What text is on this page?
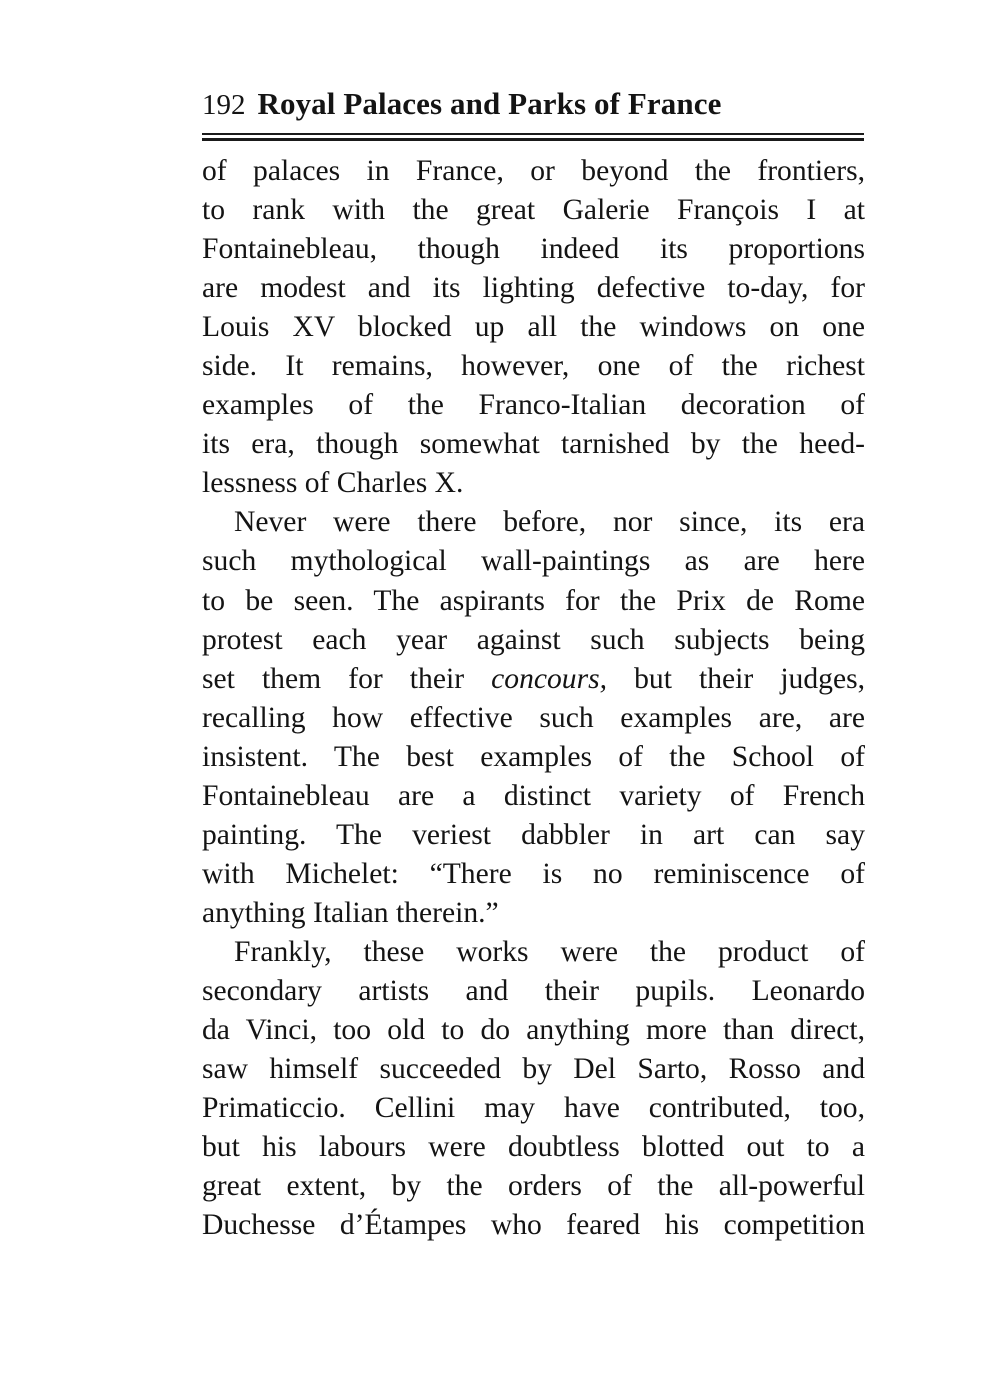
192 Royal Palaces and Parks of France
of palaces in France, or beyond the frontiers,
to rank with the great Galerie François I at
Fontainebleau, though indeed its proportions
are modest and its lighting defective to-day, for
Louis XV blocked up all the windows on one
side. It remains, however, one of the richest
examples of the Franco-Italian decoration of
its era, though somewhat tarnished by the heed-
lessness of Charles X.
Never were there before, nor since, its era
such mythological wall-paintings as are here
to be seen. The aspirants for the Prix de Rome
protest each year against such subjects being
set them for their concours, but their judges,
recalling how effective such examples are, are
insistent. The best examples of the School of
Fontainebleau are a distinct variety of French
painting. The veriest dabbler in art can say
with Michelet: “There is no reminiscence of
anything Italian therein.”
Frankly, these works were the product of
secondary artists and their pupils. Leonardo
da Vinci, too old to do anything more than direct,
saw himself succeeded by Del Sarto, Rosso and
Primaticcio. Cellini may have contributed, too,
but his labours were doubtless blotted out to a
great extent, by the orders of the all-powerful
Duchesse d’Étampes who feared his competition
